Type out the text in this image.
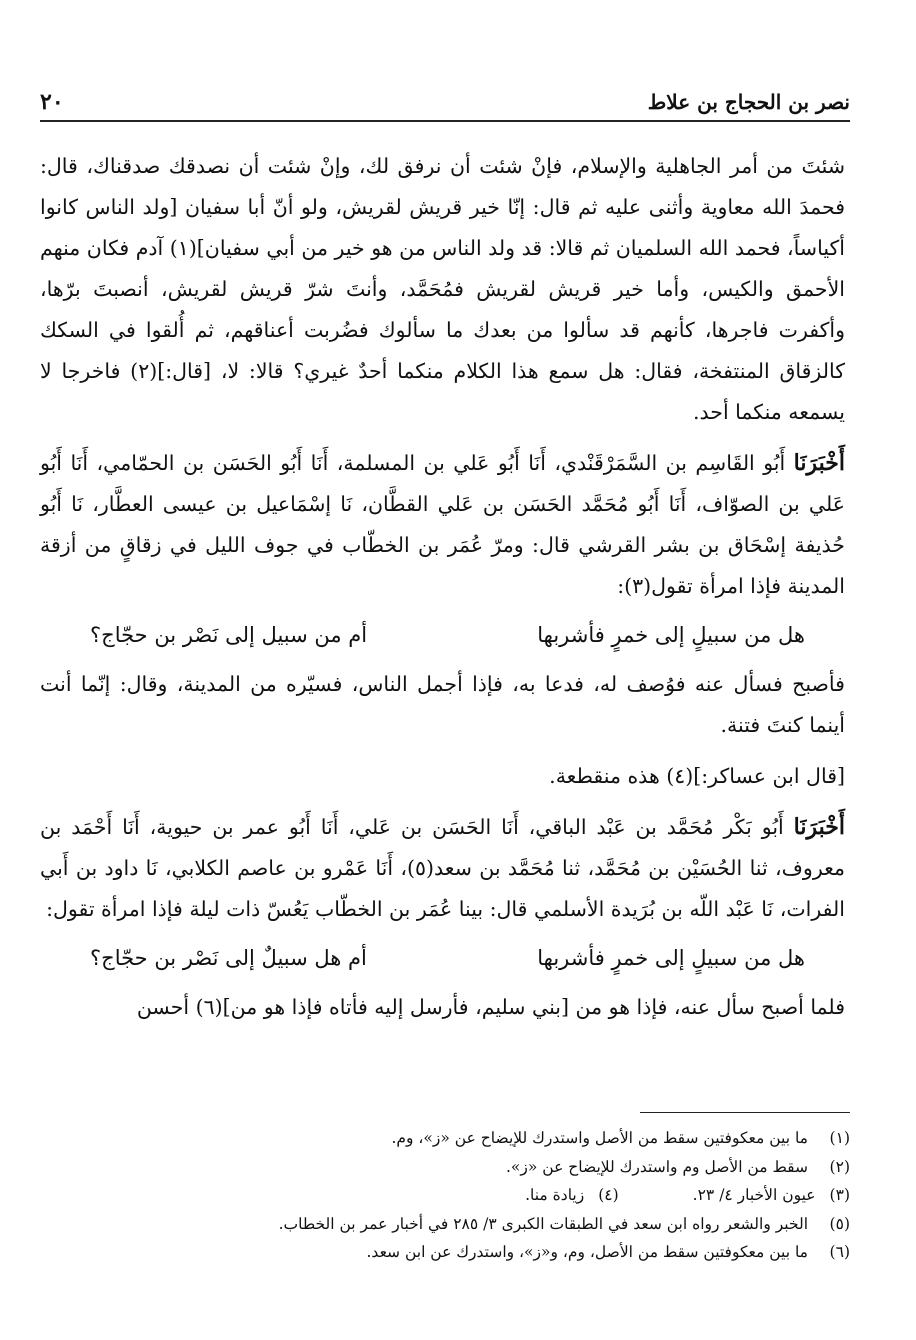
نصر بن الحجاج بن علاط
٢٠

شئتَ من أمر الجاهلية والإسلام، فإنْ شئت أن نرفق لك، وإنْ شئت أن نصدقك صدقناك، قال: فحمدَ الله معاوية وأثنى عليه ثم قال: إنّا خير قريش لقريش، ولو أنّ أبا سفيان [ولد الناس كانوا أكياساً، فحمد الله السلميان ثم قالا: قد ولد الناس من هو خير من أبي سفيان](١) آدم فكان منهم الأحمق والكيس، وأما خير قريش لقريش فمُحَمَّد، وأنتَ شرّ قريش لقريش، أنصبتَ برّها، وأكفرت فاجرها، كأنهم قد سألوا من بعدك ما سألوك فضُربت أعناقهم، ثم أُلقوا في السكك كالزقاق المنتفخة، فقال: هل سمع هذا الكلام منكما أحدٌ غيري؟ قالا: لا، [قال:](٢) فاخرجا لا يسمعه منكما أحد.

أَخْبَرَنَا أَبُو القَاسِم بن السَّمَرْقَنْدي، أَنَا أَبُو عَلي بن المسلمة، أَنَا أَبُو الحَسَن بن الحمّامي، أَنَا أَبُو عَلي بن الصوّاف، أَنَا أَبُو مُحَمَّد الحَسَن بن عَلي القطَّان، نَا إسْمَاعيل بن عيسى العطَّار، نَا أَبُو حُذيفة إسْحَاق بن بشر القرشي قال: ومرّ عُمَر بن الخطّاب في جوف الليل في زقاقٍ من أزقة المدينة فإذا امرأة تقول(٣):

هل من سبيلٍ إلى خمرٍ فأشربها
أم من سبيل إلى نَصْر بن حجّاج؟

فأصبح فسأل عنه فوُصف له، فدعا به، فإذا أجمل الناس، فسيّره من المدينة، وقال: إنّما أنت أينما كنتَ فتنة.

[قال ابن عساكر:](٤) هذه منقطعة.

أَخْبَرَنَا أَبُو بَكْر مُحَمَّد بن عَبْد الباقي، أَنَا الحَسَن بن عَلي، أَنَا أَبُو عمر بن حيوية، أَنَا أَحْمَد بن معروف، ثنا الحُسَيْن بن مُحَمَّد، ثنا مُحَمَّد بن سعد(٥)، أَنَا عَمْرو بن عاصم الكلابي، نَا داود بن أَبي الفرات، نَا عَبْد اللّه بن بُرَيدة الأسلمي قال: بينا عُمَر بن الخطّاب يَعُسّ ذات ليلة فإذا امرأة تقول:

هل من سبيلٍ إلى خمرٍ فأشربها
أم هل سبيلٌ إلى نَصْر بن حجّاج؟

فلما أصبح سأل عنه، فإذا هو من [بني سليم، فأرسل إليه فأتاه فإذا هو من](٦) أحسن

(١)
ما بين معكوفتين سقط من الأصل واستدرك للإيضاح عن «ز»، وم.
(٢)
سقط من الأصل وم واستدرك للإيضاح عن «ز».
(٣)
عيون الأخبار ٤/ ٢٣.
(٤)
زيادة منا.
(٥)
الخبر والشعر رواه ابن سعد في الطبقات الكبرى ٣/ ٢٨٥ في أخبار عمر بن الخطاب.
(٦)
ما بين معكوفتين سقط من الأصل، وم، و«ز»، واستدرك عن ابن سعد.
